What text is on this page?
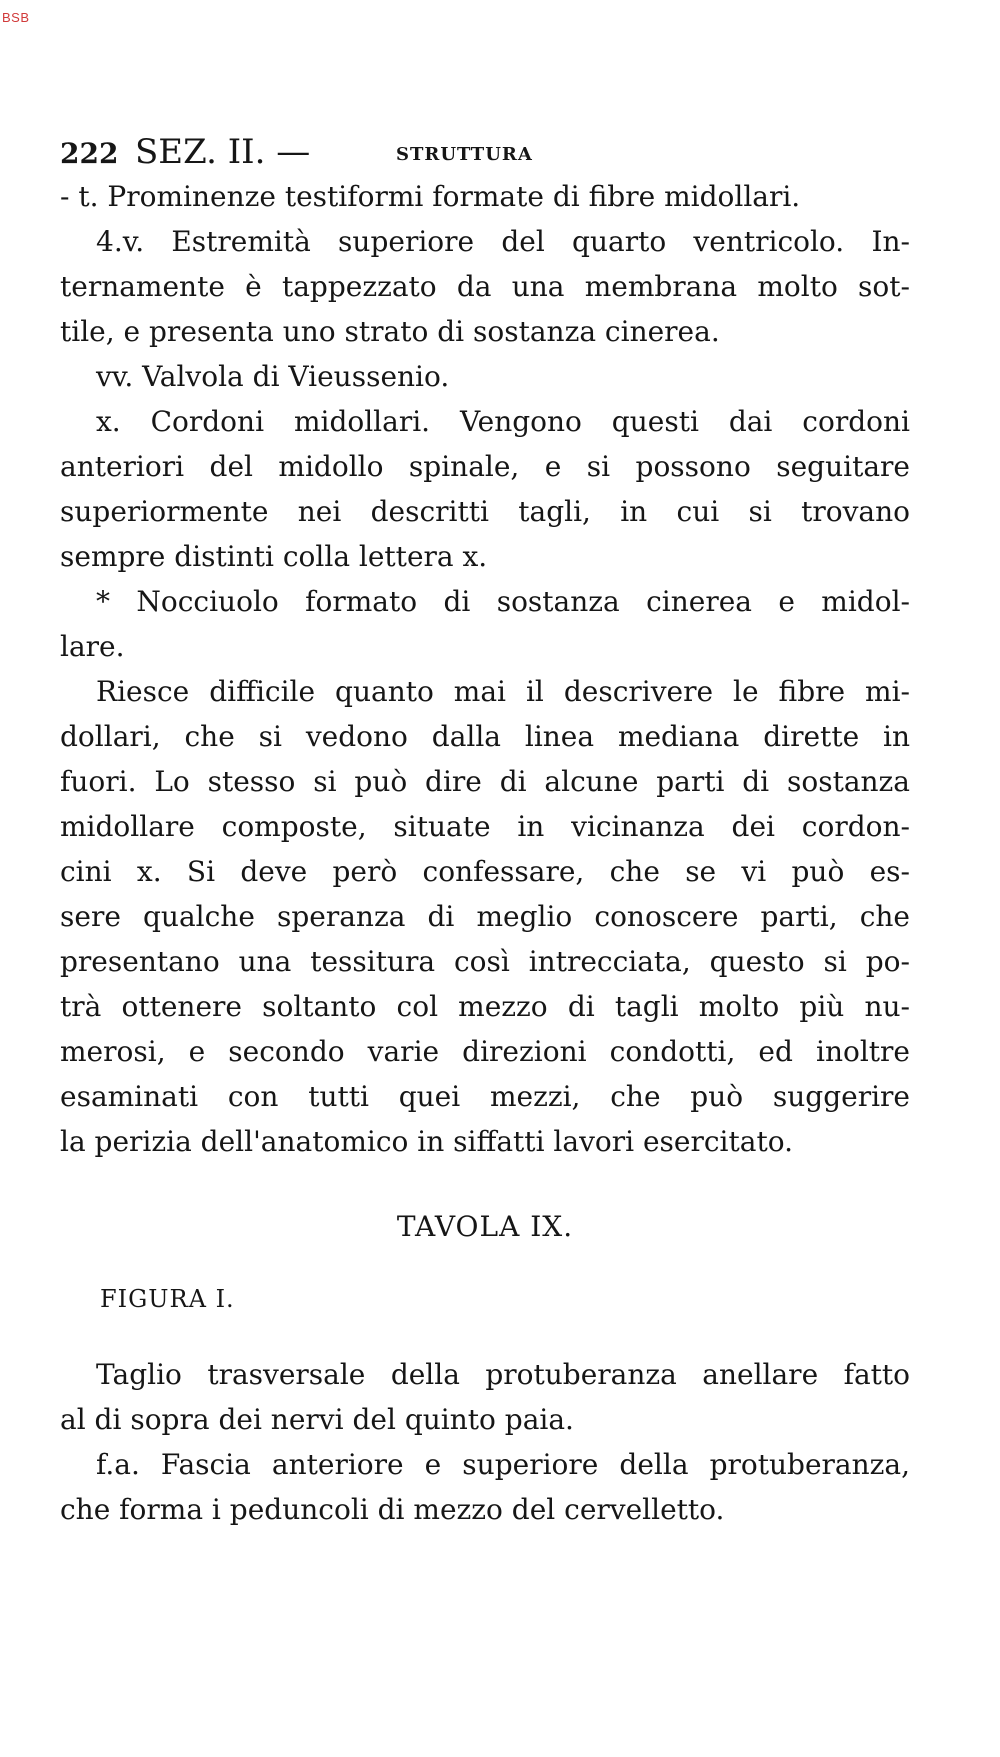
BSB
222 SEZ. II. —	STRUTTURA
- t. Prominenze testiformi formate di fibre midollari.
4.v. Estremità superiore del quarto ventricolo. In-
ternamente è tappezzato da una membrana molto sot-
tile, e presenta uno strato di sostanza cinerea.
vv. Valvola di Vieussenio.
x. Cordoni midollari. Vengono questi dai cordoni
anteriori del midollo spinale, e si possono seguitare
superiormente nei descritti tagli, in cui si trovano
sempre distinti colla lettera x.
* Nocciuolo formato di sostanza cinerea e midol-
lare.
Riesce difficile quanto mai il descrivere le fibre mi-
dollari, che si vedono dalla linea mediana dirette in
fuori. Lo stesso si può dire di alcune parti di sostanza
midollare composte, situate in vicinanza dei cordon-
cini x. Si deve però confessare, che se vi può es-
sere qualche speranza di meglio conoscere parti, che
presentano una tessitura così intrecciata, questo si po-
trà ottenere soltanto col mezzo di tagli molto più nu-
merosi, e secondo varie direzioni condotti, ed inoltre
esaminati con tutti quei mezzi, che può suggerire
la perizia dell'anatomico in siffatti lavori esercitato.
TAVOLA IX.
FIGURA I.
Taglio trasversale della protuberanza anellare fatto
al di sopra dei nervi del quinto paia.
f.a. Fascia anteriore e superiore della protuberanza,
che forma i peduncoli di mezzo del cervelletto.
